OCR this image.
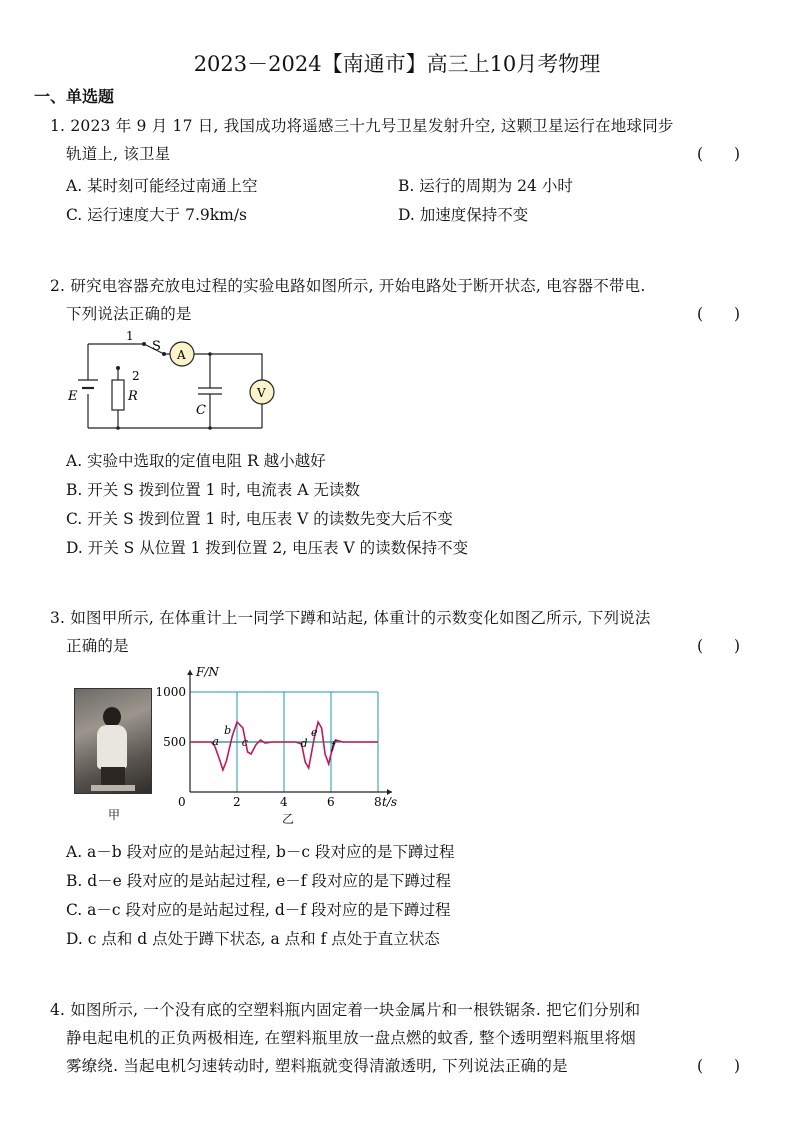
2023－2024【南通市】高三上10月考物理
一、单选题
1. 2023 年 9 月 17 日, 我国成功将遥感三十九号卫星发射升空, 这颗卫星运行在地球同步
轨道上, 该卫星	(　　)
A. 某时刻可能经过南通上空	B. 运行的周期为 24 小时
C. 运行速度大于 7.9km/s	D. 加速度保持不变
2. 研究电容器充放电过程的实验电路如图所示, 开始电路处于断开状态, 电容器不带电.
下列说法正确的是	(　　)
1
S
A
2
E	R
C
V
A. 实验中选取的定值电阻 R 越小越好
B. 开关 S 拨到位置 1 时, 电流表 A 无读数
C. 开关 S 拨到位置 1 时, 电压表 V 的读数先变大后不变
D. 开关 S 从位置 1 拨到位置 2, 电压表 V 的读数保持不变
3. 如图甲所示, 在体重计上一同学下蹲和站起, 体重计的示数变化如图乙所示, 下列说法
正确的是	(　　)
甲
0	2	4	6	8
500
1000
t/s
F/N
a
b
c	d
e
f
乙
A. a－b 段对应的是站起过程, b－c 段对应的是下蹲过程
B. d－e 段对应的是站起过程, e－f 段对应的是下蹲过程
C. a－c 段对应的是站起过程, d－f 段对应的是下蹲过程
D. c 点和 d 点处于蹲下状态, a 点和 f 点处于直立状态
4. 如图所示, 一个没有底的空塑料瓶内固定着一块金属片和一根铁锯条. 把它们分别和
静电起电机的正负两极相连, 在塑料瓶里放一盘点燃的蚊香, 整个透明塑料瓶里将烟
雾缭绕. 当起电机匀速转动时, 塑料瓶就变得清澈透明, 下列说法正确的是	(　　)
